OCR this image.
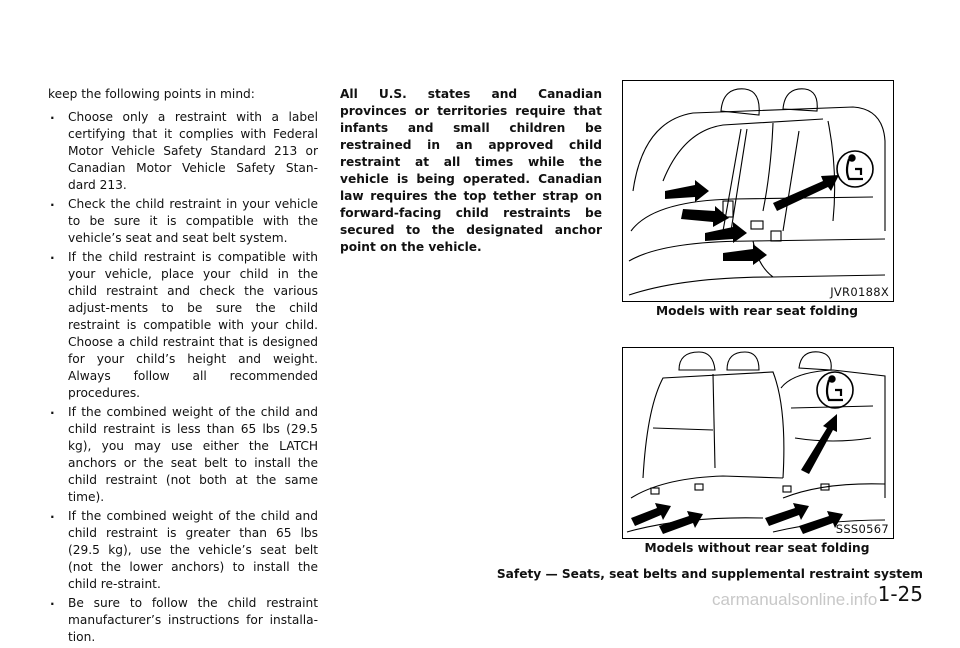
keep the following points in mind:

. Choose only a restraint with a label certifying that it complies with Federal Motor Vehicle Safety Standard 213 or Canadian Motor Vehicle Safety Stan-dard 213.
. Check the child restraint in your vehicle to be sure it is compatible with the vehicle’s seat and seat belt system.
. If the child restraint is compatible with your vehicle, place your child in the child restraint and check the various adjust-ments to be sure the child restraint is compatible with your child. Choose a child restraint that is designed for your child’s height and weight. Always follow all recommended procedures.
. If the combined weight of the child and child restraint is less than 65 lbs (29.5 kg), you may use either the LATCH anchors or the seat belt to install the child restraint (not both at the same time).
. If the combined weight of the child and child restraint is greater than 65 lbs (29.5 kg), use the vehicle’s seat belt (not the lower anchors) to install the child re-straint.
. Be sure to follow the child restraint manufacturer’s instructions for installa-tion.
All U.S. states and Canadian provinces or territories require that infants and small children be restrained in an approved child restraint at all times while the vehicle is being operated. Canadian law requires the top tether strap on forward-facing child restraints be secured to the designated anchor point on the vehicle.
JVR0188X
Models with rear seat folding
SSS0567
Models without rear seat folding
Safety — Seats, seat belts and supplemental restraint system 1-25
carmanualsonline.info
